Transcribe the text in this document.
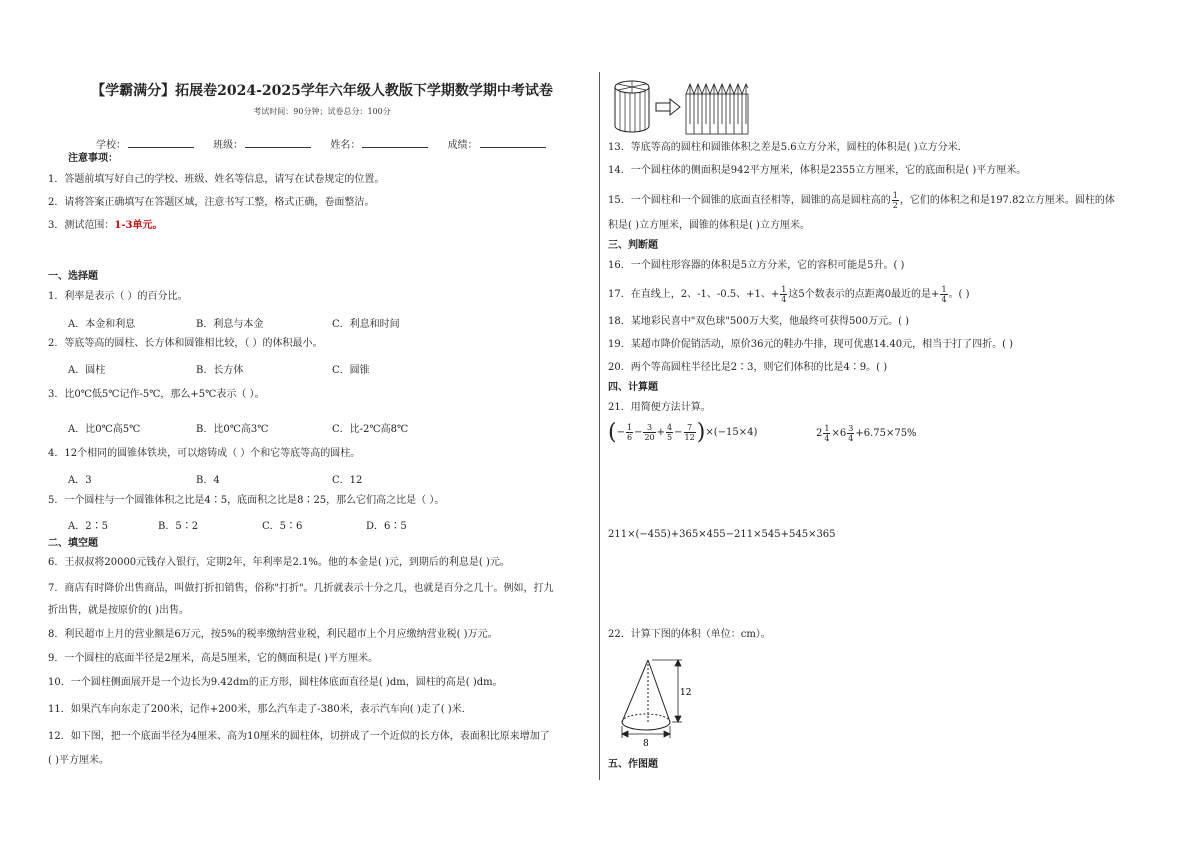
【学霸满分】拓展卷2024-2025学年六年级人教版下学期数学期中考试卷
考试时间：90分钟；试卷总分：100分
学校：	班级：	姓名：	成绩：
注意事项：
1．答题前填写好自己的学校、班级、姓名等信息，请写在试卷规定的位置。
2．请将答案正确填写在答题区域，注意书写工整，格式正确，卷面整洁。
3．测试范围：1-3单元。
一、选择题
1．利率是表示（ ）的百分比。
A．本金和利息	B．利息与本金	C．利息和时间
2．等底等高的圆柱、长方体和圆锥相比较，（ ）的体积最小。
A．圆柱	B．长方体	C．圆锥
3．比0℃低5℃记作-5℃，那么+5℃表示（ ）。
A．比0℃高5℃	B．比0℃高3℃	C．比-2℃高8℃
4．12个相同的圆锥体铁块，可以熔铸成（ ）个和它等底等高的圆柱。
A．3	B．4	C．12
5．一个圆柱与一个圆锥体积之比是4∶5，底面积之比是8∶25，那么它们高之比是（ ）。
A．2∶5	B．5∶2	C．5∶6	D．6∶5
二、填空题
6．王叔叔将20000元钱存入银行，定期2年，年利率是2.1%。他的本金是( )元，到期后的利息是( )元。
7．商店有时降价出售商品，叫做打折扣销售，俗称"打折"。几折就表示十分之几，也就是百分之几十。例如，打九
折出售，就是按原价的( )出售。
8．利民超市上月的营业额是6万元，按5%的税率缴纳营业税，利民超市上个月应缴纳营业税( )万元。
9．一个圆柱的底面半径是2厘米，高是5厘米，它的侧面积是( )平方厘米。
10．一个圆柱侧面展开是一个边长为9.42dm的正方形，圆柱体底面直径是( )dm，圆柱的高是( )dm。
11．如果汽车向东走了200米，记作+200米，那么汽车走了-380米，表示汽车向( )走了( )米．
12．如下图，把一个底面半径为4厘米、高为10厘米的圆柱体，切拼成了一个近似的长方体，表面积比原来增加了
( )平方厘米。
13．等底等高的圆柱和圆锥体积之差是5.6立方分米，圆柱的体积是( )立方分米．
14．一个圆柱体的侧面积是942平方厘米，体积是2355立方厘米，它的底面积是( )平方厘米。
15．一个圆柱和一个圆锥的底面直径相等，圆锥的高是圆柱高的 $\frac{1}{2}$ ，它们的体积之和是197.82立方厘米。圆柱的体
积是( )立方厘米，圆锥的体积是( )立方厘米。
三、判断题
16．一个圆柱形容器的体积是5立方分米，它的容积可能是5升。( )
17．在直线上，2、-1、-0.5、+1、+ $\frac{1}{4}$ 这5个数表示的点距离0最近的是+ $\frac{1}{4}$ 。( )
18．某地彩民喜中"双色球"500万大奖，他最终可获得500万元。( )
19．某超市降价促销活动，原价36元的鞋办牛排，现可优惠14.40元，相当于打了四折。( )
20．两个等高圆柱半径比是2∶3，则它们体积的比是4∶9。( )
四、计算题
21．用简便方法计算。
(− $\frac{1}{6} - \frac{3}{20} + \frac{4}{5} - \frac{7}{12} )\times(-15\times 4)$	$2 \frac{1}{4} \times 6 \frac{3}{4} +6.75\times 75\%$
211×(−455)+365×455−211×545+545×365
22．计算下图的体积（单位：cm）。
12
8
五、作图题
